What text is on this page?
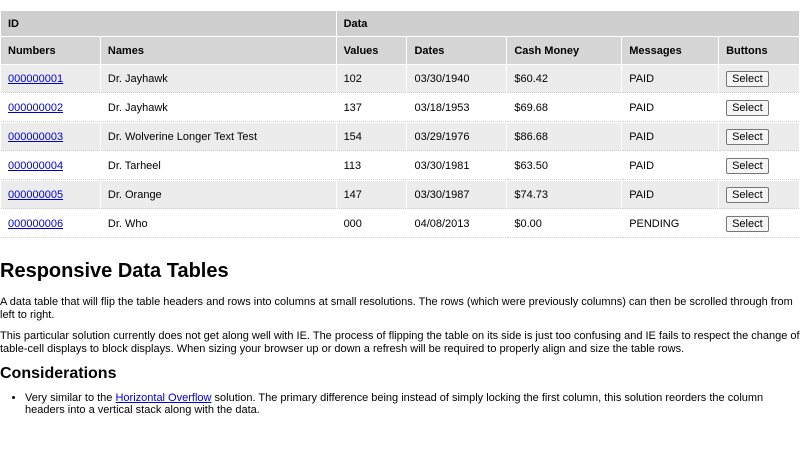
ID		Data				
Numbers	Names	Values	Dates	Cash Money	Messages	Buttons
000000001	Dr. Jayhawk	102	03/30/1940	$60.42	PAID	Select
000000002	Dr. Jayhawk	137	03/18/1953	$69.68	PAID	Select
000000003	Dr. Wolverine Longer Text Test	154	03/29/1976	$86.68	PAID	Select
000000004	Dr. Tarheel	113	03/30/1981	$63.50	PAID	Select
000000005	Dr. Orange	147	03/30/1987	$74.73	PAID	Select
000000006	Dr. Who	000	04/08/2013	$0.00	PENDING	Select
Responsive Data Tables

A data table that will flip the table headers and rows into columns at small resolutions. The rows (which were previously columns) can then be scrolled through from left to right.

This particular solution currently does not get along well with IE. The process of flipping the table on its side is just too confusing and IE fails to respect the change of table-cell displays to block displays. When sizing your browser up or down a refresh will be required to properly align and size the table rows.

Considerations
• Very similar to the Horizontal Overflow solution. The primary difference being instead of simply locking the first column, this solution reorders the column headers into a vertical stack along with the data.
